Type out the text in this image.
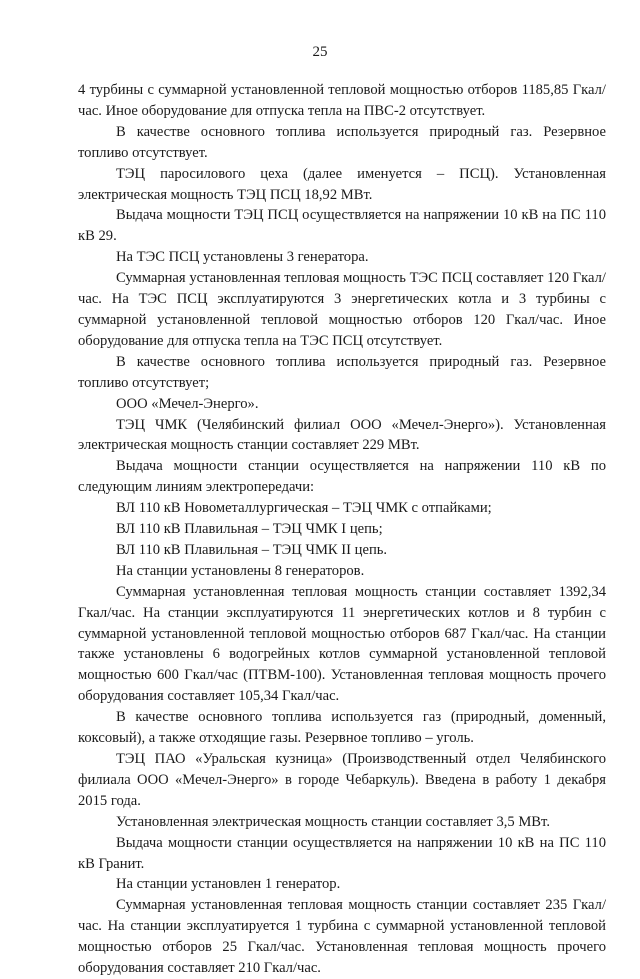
25

4 турбины с суммарной установленной тепловой мощностью отборов 1185,85 Гкал/час. Иное оборудование для отпуска тепла на ПВС-2 отсутствует.

В качестве основного топлива используется природный газ. Резервное топливо отсутствует.

ТЭЦ паросилового цеха (далее именуется – ПСЦ). Установленная электрическая мощность ТЭЦ ПСЦ 18,92 МВт.

Выдача мощности ТЭЦ ПСЦ осуществляется на напряжении 10 кВ на ПС 110 кВ 29.

На ТЭС ПСЦ установлены 3 генератора.

Суммарная установленная тепловая мощность ТЭС ПСЦ составляет 120 Гкал/час. На ТЭС ПСЦ эксплуатируются 3 энергетических котла и 3 турбины с суммарной установленной тепловой мощностью отборов 120 Гкал/час. Иное оборудование для отпуска тепла на ТЭС ПСЦ отсутствует.

В качестве основного топлива используется природный газ. Резервное топливо отсутствует;

ООО «Мечел-Энерго».

ТЭЦ ЧМК (Челябинский филиал ООО «Мечел-Энерго»). Установленная электрическая мощность станции составляет 229 МВт.

Выдача мощности станции осуществляется на напряжении 110 кВ по следующим линиям электропередачи:

ВЛ 110 кВ Новометаллургическая – ТЭЦ ЧМК с отпайками;

ВЛ 110 кВ Плавильная – ТЭЦ ЧМК I цепь;

ВЛ 110 кВ Плавильная – ТЭЦ ЧМК II цепь.

На станции установлены 8 генераторов.

Суммарная установленная тепловая мощность станции составляет 1392,34 Гкал/час. На станции эксплуатируются 11 энергетических котлов и 8 турбин с суммарной установленной тепловой мощностью отборов 687 Гкал/час. На станции также установлены 6 водогрейных котлов суммарной установленной тепловой мощностью 600 Гкал/час (ПТВМ-100). Установленная тепловая мощность прочего оборудования составляет 105,34 Гкал/час.

В качестве основного топлива используется газ (природный, доменный, коксовый), а также отходящие газы. Резервное топливо – уголь.

ТЭЦ ПАО «Уральская кузница» (Производственный отдел Челябинского филиала ООО «Мечел-Энерго» в городе Чебаркуль). Введена в работу 1 декабря 2015 года.

Установленная электрическая мощность станции составляет 3,5 МВт.

Выдача мощности станции осуществляется на напряжении 10 кВ на ПС 110 кВ Гранит.

На станции установлен 1 генератор.

Суммарная установленная тепловая мощность станции составляет 235 Гкал/час. На станции эксплуатируется 1 турбина с суммарной установленной тепловой мощностью отборов 25 Гкал/час. Установленная тепловая мощность прочего оборудования составляет 210 Гкал/час.
